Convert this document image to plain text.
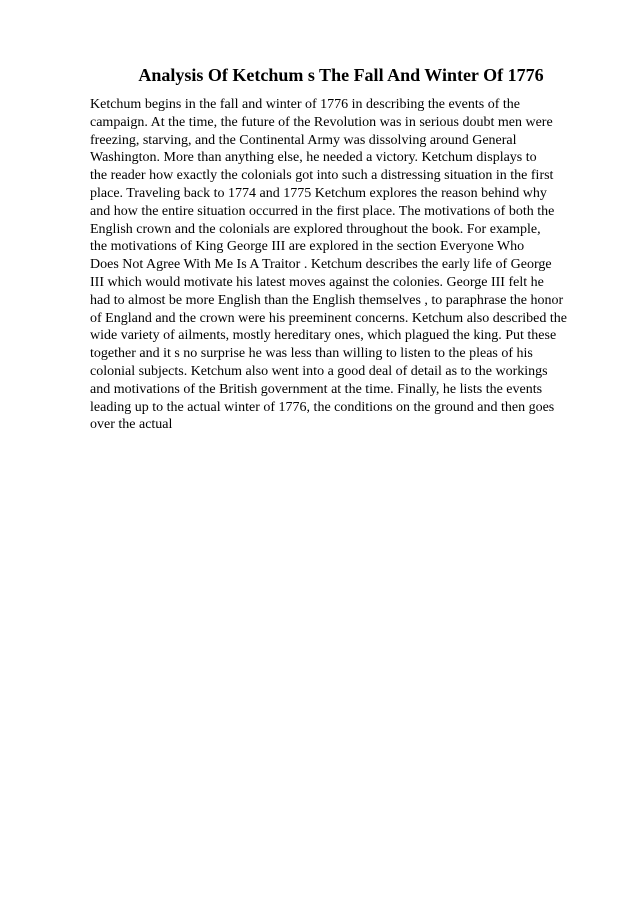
Analysis Of Ketchum s The Fall And Winter Of 1776

Ketchum begins in the fall and winter of 1776 in describing the events of the
campaign. At the time, the future of the Revolution was in serious doubt men were
freezing, starving, and the Continental Army was dissolving around General
Washington. More than anything else, he needed a victory. Ketchum displays to
the reader how exactly the colonials got into such a distressing situation in the first
place. Traveling back to 1774 and 1775 Ketchum explores the reason behind why
and how the entire situation occurred in the first place. The motivations of both the
English crown and the colonials are explored throughout the book. For example,
the motivations of King George III are explored in the section Everyone Who
Does Not Agree With Me Is A Traitor . Ketchum describes the early life of George
III which would motivate his latest moves against the colonies. George III felt he
had to almost be more English than the English themselves , to paraphrase the honor
of England and the crown were his preeminent concerns. Ketchum also described the
wide variety of ailments, mostly hereditary ones, which plagued the king. Put these
together and it s no surprise he was less than willing to listen to the pleas of his
colonial subjects. Ketchum also went into a good deal of detail as to the workings
and motivations of the British government at the time. Finally, he lists the events
leading up to the actual winter of 1776, the conditions on the ground and then goes
over the actual
